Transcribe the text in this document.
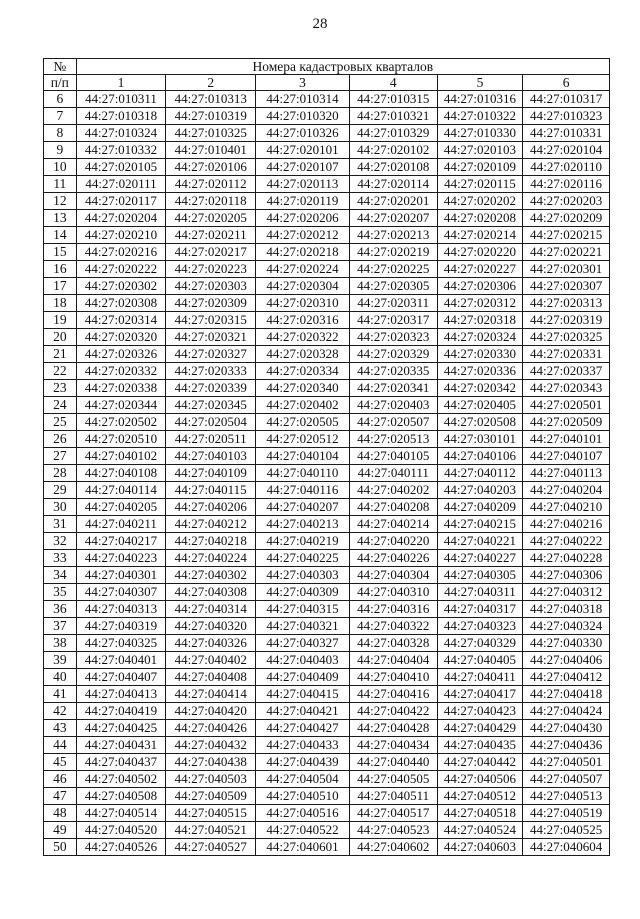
28
№	Номера кадастровых кварталов					
п/п	1	2	3	4	5	6
6	44:27:010311	44:27:010313	44:27:010314	44:27:010315	44:27:010316	44:27:010317
7	44:27:010318	44:27:010319	44:27:010320	44:27:010321	44:27:010322	44:27:010323
8	44:27:010324	44:27:010325	44:27:010326	44:27:010329	44:27:010330	44:27:010331
9	44:27:010332	44:27:010401	44:27:020101	44:27:020102	44:27:020103	44:27:020104
10	44:27:020105	44:27:020106	44:27:020107	44:27:020108	44:27:020109	44:27:020110
11	44:27:020111	44:27:020112	44:27:020113	44:27:020114	44:27:020115	44:27:020116
12	44:27:020117	44:27:020118	44:27:020119	44:27:020201	44:27:020202	44:27:020203
13	44:27:020204	44:27:020205	44:27:020206	44:27:020207	44:27:020208	44:27:020209
14	44:27:020210	44:27:020211	44:27:020212	44:27:020213	44:27:020214	44:27:020215
15	44:27:020216	44:27:020217	44:27:020218	44:27:020219	44:27:020220	44:27:020221
16	44:27:020222	44:27:020223	44:27:020224	44:27:020225	44:27:020227	44:27:020301
17	44:27:020302	44:27:020303	44:27:020304	44:27:020305	44:27:020306	44:27:020307
18	44:27:020308	44:27:020309	44:27:020310	44:27:020311	44:27:020312	44:27:020313
19	44:27:020314	44:27:020315	44:27:020316	44:27:020317	44:27:020318	44:27:020319
20	44:27:020320	44:27:020321	44:27:020322	44:27:020323	44:27:020324	44:27:020325
21	44:27:020326	44:27:020327	44:27:020328	44:27:020329	44:27:020330	44:27:020331
22	44:27:020332	44:27:020333	44:27:020334	44:27:020335	44:27:020336	44:27:020337
23	44:27:020338	44:27:020339	44:27:020340	44:27:020341	44:27:020342	44:27:020343
24	44:27:020344	44:27:020345	44:27:020402	44:27:020403	44:27:020405	44:27:020501
25	44:27:020502	44:27:020504	44:27:020505	44:27:020507	44:27:020508	44:27:020509
26	44:27:020510	44:27:020511	44:27:020512	44:27:020513	44:27:030101	44:27:040101
27	44:27:040102	44:27:040103	44:27:040104	44:27:040105	44:27:040106	44:27:040107
28	44:27:040108	44:27:040109	44:27:040110	44:27:040111	44:27:040112	44:27:040113
29	44:27:040114	44:27:040115	44:27:040116	44:27:040202	44:27:040203	44:27:040204
30	44:27:040205	44:27:040206	44:27:040207	44:27:040208	44:27:040209	44:27:040210
31	44:27:040211	44:27:040212	44:27:040213	44:27:040214	44:27:040215	44:27:040216
32	44:27:040217	44:27:040218	44:27:040219	44:27:040220	44:27:040221	44:27:040222
33	44:27:040223	44:27:040224	44:27:040225	44:27:040226	44:27:040227	44:27:040228
34	44:27:040301	44:27:040302	44:27:040303	44:27:040304	44:27:040305	44:27:040306
35	44:27:040307	44:27:040308	44:27:040309	44:27:040310	44:27:040311	44:27:040312
36	44:27:040313	44:27:040314	44:27:040315	44:27:040316	44:27:040317	44:27:040318
37	44:27:040319	44:27:040320	44:27:040321	44:27:040322	44:27:040323	44:27:040324
38	44:27:040325	44:27:040326	44:27:040327	44:27:040328	44:27:040329	44:27:040330
39	44:27:040401	44:27:040402	44:27:040403	44:27:040404	44:27:040405	44:27:040406
40	44:27:040407	44:27:040408	44:27:040409	44:27:040410	44:27:040411	44:27:040412
41	44:27:040413	44:27:040414	44:27:040415	44:27:040416	44:27:040417	44:27:040418
42	44:27:040419	44:27:040420	44:27:040421	44:27:040422	44:27:040423	44:27:040424
43	44:27:040425	44:27:040426	44:27:040427	44:27:040428	44:27:040429	44:27:040430
44	44:27:040431	44:27:040432	44:27:040433	44:27:040434	44:27:040435	44:27:040436
45	44:27:040437	44:27:040438	44:27:040439	44:27:040440	44:27:040442	44:27:040501
46	44:27:040502	44:27:040503	44:27:040504	44:27:040505	44:27:040506	44:27:040507
47	44:27:040508	44:27:040509	44:27:040510	44:27:040511	44:27:040512	44:27:040513
48	44:27:040514	44:27:040515	44:27:040516	44:27:040517	44:27:040518	44:27:040519
49	44:27:040520	44:27:040521	44:27:040522	44:27:040523	44:27:040524	44:27:040525
50	44:27:040526	44:27:040527	44:27:040601	44:27:040602	44:27:040603	44:27:040604
